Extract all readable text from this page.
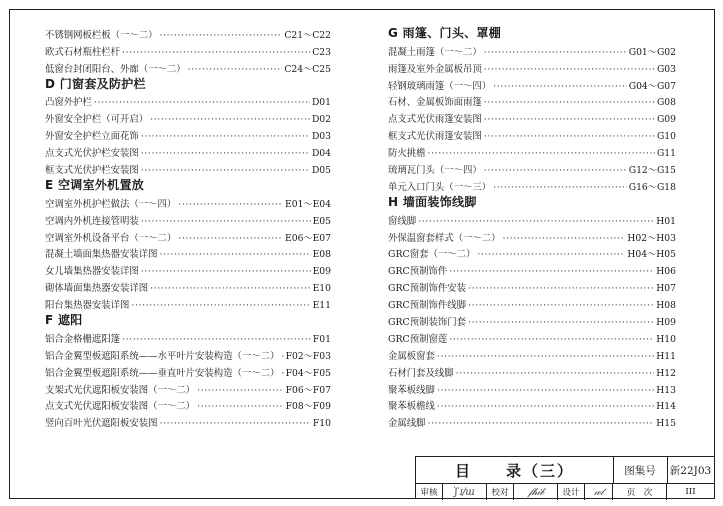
不锈钢网板栏板（一～二） ·····	C21～C22
欧式石材瓶柱栏杆 ·····	C23
低窗台封闭阳台、外廊（一～二） ·····	C24～C25
D 门窗套及防护栏
凸窗外护栏 ·····	D01
外窗安全护栏（可开启） ·····	D02
外窗安全护栏立面花饰 ·····	D03
点支式光伏护栏安装图 ·····	D04
框支式光伏护栏安装图 ·····	D05
E 空调室外机置放
空调室外机护栏做法（一～四） ·····	E01～E04
空调内外机连接管明装 ·····	E05
空调室外机设备平台（一～二） ·····	E06～E07
混凝土墙面集热器安装详图 ·····	E08
女儿墙集热器安装详图 ·····	E09
砌体墙面集热器安装详图 ·····	E10
阳台集热器安装详图 ·····	E11
F 遮阳
铝合金格栅遮阳篷 ·····	F01
铝合金翼型板遮阳系统——水平叶片安装构造（一～二） ····· F02～F03
铝合金翼型板遮阳系统——垂直叶片安装构造（一～二） ····· F04～F05
支架式光伏遮阳板安装图（一～二） ·····	F06～F07
点支式光伏遮阳板安装图（一～二） ·····	F08～F09
竖向百叶光伏遮阳板安装图 ·····	F10
G 雨篷、门头、罩棚
混凝土雨篷（一～二） ·····	G01～G02
雨篷及室外金属板吊顶 ·····	G03
轻钢玻璃雨篷（一～四） ·····	G04～G07
石材、金属板饰面雨篷 ·····	G08
点支式光伏雨篷安装图 ·····	G09
框支式光伏雨篷安装图 ·····	G10
防火挑檐 ·····	G11
琉璃瓦门头（一～四） ·····	G12～G15
单元入口门头（一～三） ·····	G16～G18
H 墙面装饰线脚
窗线脚 ·····	H01
外保温窗套样式（一～二） ·····	H02～H03
GRC窗套（一～二） ·····	H04～H05
GRC预制饰件 ·····	H06
GRC预制饰件安装 ·····	H07
GRC预制饰件线脚 ·····	H08
GRC预制装饰门套 ·····	H09
GRC预制窗莲 ·····	H10
金属板窗套 ·····	H11
石材门套及线脚 ·····	H12
聚苯板线脚 ·····	H13
聚苯板檐线 ·····	H14
金属线脚 ·····	H15
目 录（三）	图集号	新22J03
审核	ʃ̀ ɪ/ɯ	校对	𝒻𝒽𝒾𝒷	设计	𝓌𝓉	页　次	III
